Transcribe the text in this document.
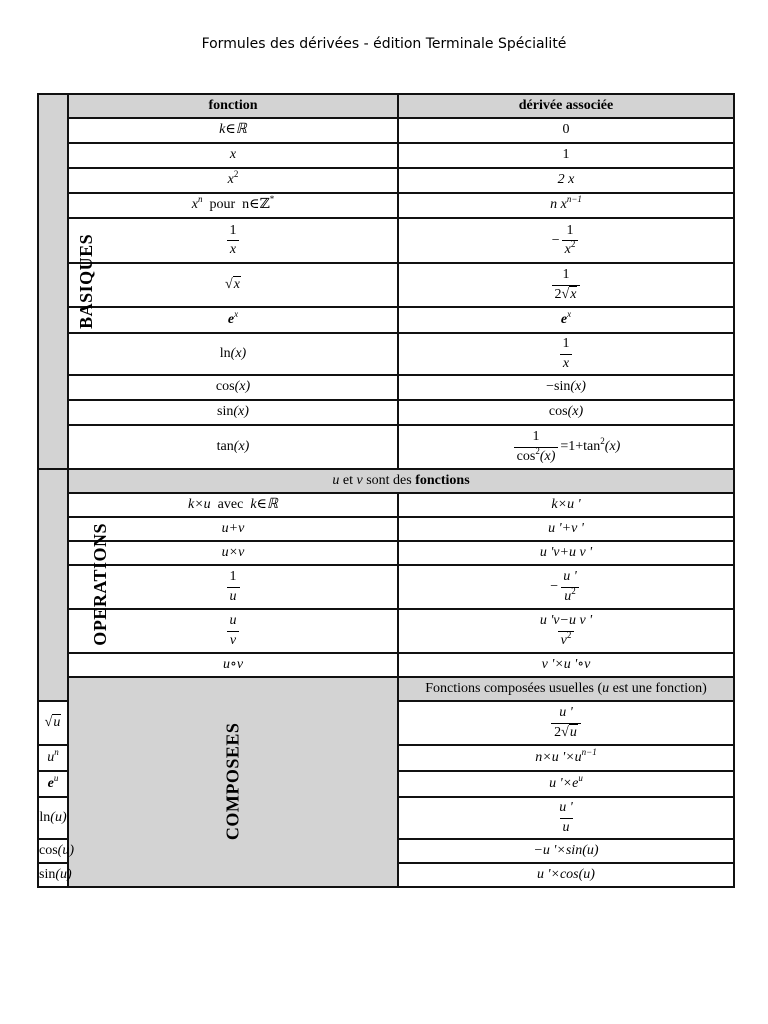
Formules des dérivées - édition Terminale Spécialité
BASIQUES	fonction	dérivée associée
	k∈ℝ	0
	x	1
	$x^2$	2 x
	$x^n$  pour  n∈ℤ*	n $x^{n-1}$

	$\frac{1}{x}$	− $\frac{1}{x^2}$

	√x	$\frac{1}{2√x}$

	$e^x$	$e^x$
	ln(x)	$\frac{1}{x}$

	cos(x)	−sin(x)
	sin(x)	cos(x)
	tan(x)	$\frac{1}{\cos^2(x)} =1+\tan^2(x)$
OPERATIONS	u et v sont des fonctions	
	k×u  avec  k∈ℝ	k×u '
	u+v	u '+v '
	u×v	u 'v+u v '

	$\frac{1}{u}$	− $\frac{u '}{u^2}$

	$\frac{u}{v}$	$\frac{\text{u 'v−u v '}}{v^2}$

	u∘v	v '×u '∘v
	COMPOSEES	Fonctions composées usuelles (u est une fonction)
√u		$\frac{u '}{2√u}$

$u^n$		n×u '$\times u^{n-1}$
$e^u$		u '$\times e^u$
ln(u)		$\frac{u '}{u}$

cos(u)		−u '×sin(u)
sin(u)		u '×cos(u)
